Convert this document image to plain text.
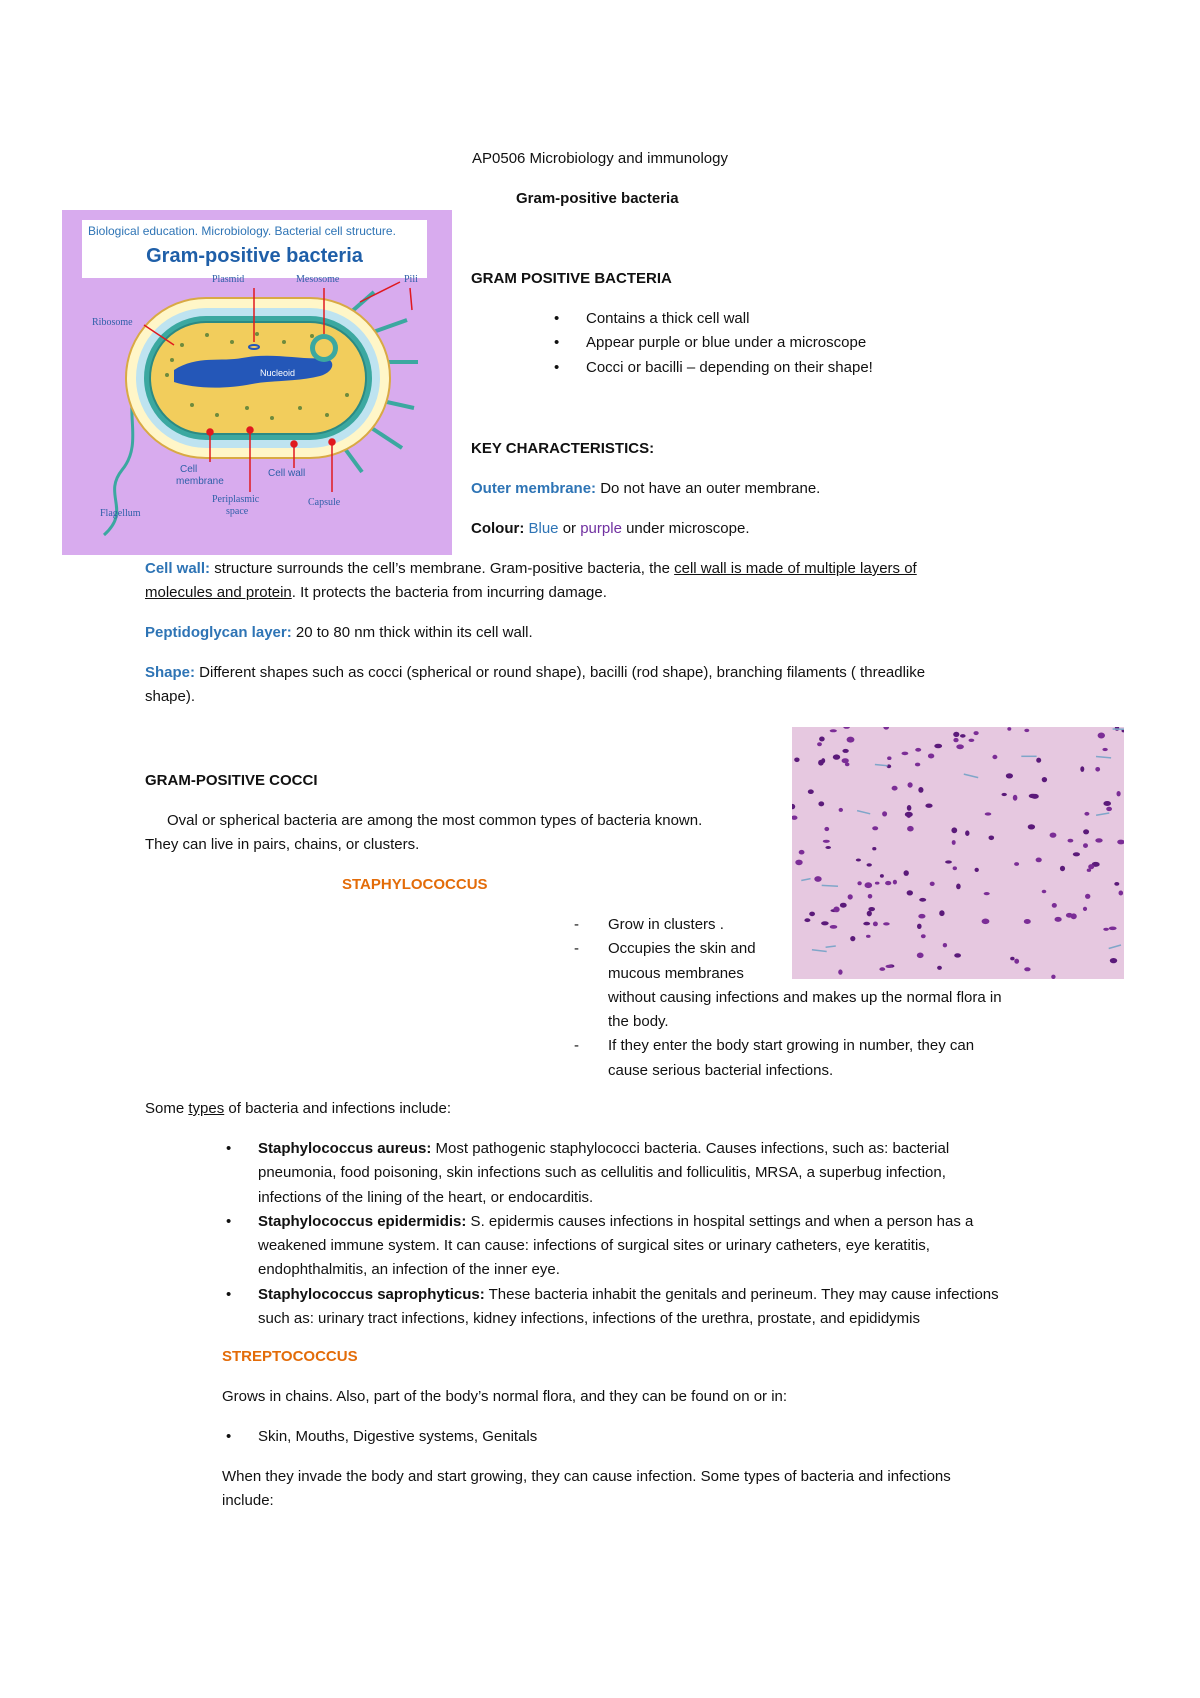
AP0506 Microbiology and immunology
Gram-positive bacteria
Biological education. Microbiology. Bacterial cell structure.
Gram-positive bacteria
Nucleoid
Plasmid	Mesosome	Pili
Ribosome
Periplasmic
space
Capsule
Flagellum
Cell
membrane
Cell wall
GRAM POSITIVE BACTERIA
• Contains a thick cell wall
• Appear purple or blue under a microscope
• Cocci or bacilli – depending on their shape!
KEY CHARACTERISTICS:

Outer membrane: Do not have an outer membrane.

Colour: Blue or purple under microscope.

Cell wall: structure surrounds the cell’s membrane. Gram-positive bacteria, the cell wall is made of multiple layers of
molecules and protein. It protects the bacteria from incurring damage.

Peptidoglycan layer: 20 to 80 nm thick within its cell wall.

Shape: Different shapes such as cocci (spherical or round shape), bacilli (rod shape), branching filaments ( threadlike
shape).
GRAM-POSITIVE COCCI
Oval or spherical bacteria are among the most common types of bacteria known.
They can live in pairs, chains, or clusters.
STAPHYLOCOCCUS
- Grow in clusters .
- Occupies the skin and
mucous membranes
without causing infections and makes up the normal flora in
the body.
- If they enter the body start growing in number, they can
cause serious bacterial infections.

Some types of bacteria and infections include:

• Staphylococcus aureus: Most pathogenic staphylococci bacteria. Causes infections, such as: bacterial
pneumonia, food poisoning, skin infections such as cellulitis and folliculitis, MRSA, a superbug infection,
infections of the lining of the heart, or endocarditis.
• Staphylococcus epidermidis: S. epidermis causes infections in hospital settings and when a person has a
weakened immune system. It can cause: infections of surgical sites or urinary catheters, eye keratitis,
endophthalmitis, an infection of the inner eye.
• Staphylococcus saprophyticus: These bacteria inhabit the genitals and perineum. They may cause infections
such as: urinary tract infections, kidney infections, infections of the urethra, prostate, and epididymis
STREPTOCOCCUS

Grows in chains. Also, part of the body’s normal flora, and they can be found on or in:

• Skin, Mouths, Digestive systems, Genitals
When they invade the body and start growing, they can cause infection. Some types of bacteria and infections
include:
